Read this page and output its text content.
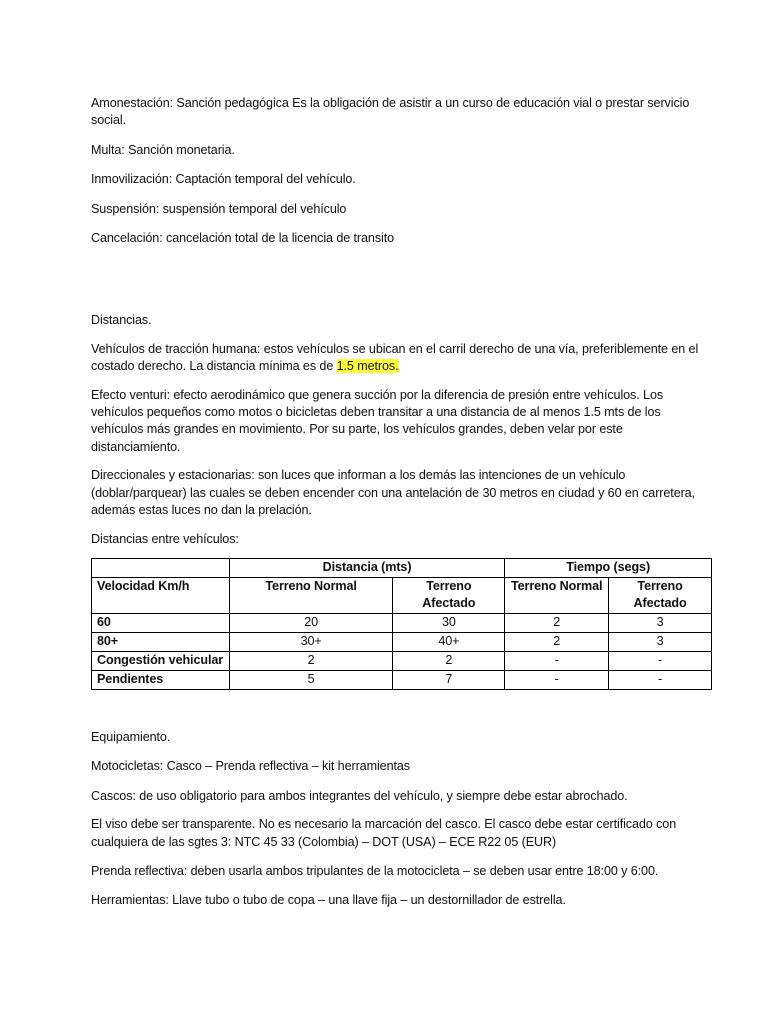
Amonestación: Sanción pedagógica Es la obligación de asistir a un curso de educación vial o prestar servicio social.

Multa: Sanción monetaria.

Inmovilización: Captación temporal del vehículo.

Suspensión: suspensión temporal del vehículo

Cancelación: cancelación total de la licencia de transito

Distancias.

Vehículos de tracción humana: estos vehículos se ubican en el carril derecho de una vía, preferiblemente en el costado derecho. La distancia mínima es de 1.5 metros.

Efecto venturi: efecto aerodinámico que genera succión por la diferencia de presión entre vehículos. Los vehículos pequeños como motos o bicicletas deben transitar a una distancia de al menos 1.5 mts de los vehículos más grandes en movimiento. Por su parte, los vehículos grandes, deben velar por este distanciamiento.

Direccionales y estacionarias: son luces que informan a los demás las intenciones de un vehículo (doblar/parquear) las cuales se deben encender con una antelación de 30 metros en ciudad y 60 en carretera, además estas luces no dan la prelación.

Distancias entre vehículos:

	Distancia (mts)		Tiempo (segs)	
Velocidad Km/h	Terreno Normal	Terreno Afectado	Terreno Normal	Terreno Afectado
60	20	30	2	3
80+	30+	40+	2	3
Congestión vehicular	2	2	-	-
Pendientes	5	7	-	-

Equipamiento.

Motocicletas: Casco – Prenda reflectiva – kit herramientas

Cascos: de uso obligatorio para ambos integrantes del vehículo, y siempre debe estar abrochado.

El viso debe ser transparente. No es necesario la marcación del casco. El casco debe estar certificado con cualquiera de las sgtes 3: NTC 45 33 (Colombia) – DOT (USA) – ECE R22 05 (EUR)

Prenda reflectiva: deben usarla ambos tripulantes de la motocicleta – se deben usar entre 18:00 y 6:00.

Herramientas: Llave tubo o tubo de copa – una llave fija – un destornillador de estrella.
